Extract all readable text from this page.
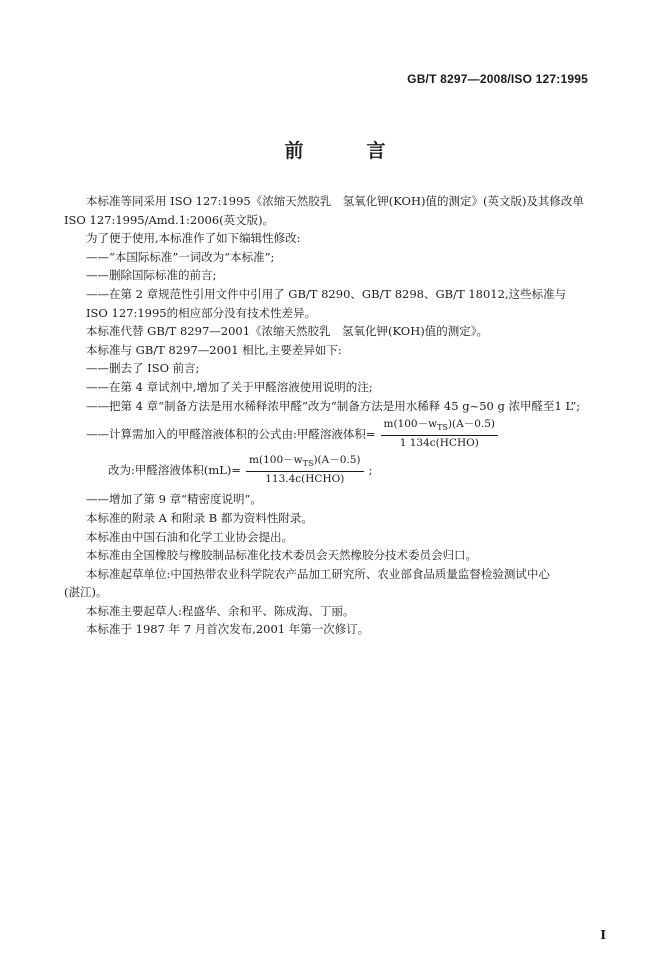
GB/T 8297—2008/ISO 127:1995
前　言

本标准等同采用 ISO 127:1995《浓缩天然胶乳　氢氧化钾(KOH)值的测定》(英文版)及其修改单

ISO 127:1995/Amd.1:2006(英文版)。

为了便于使用,本标准作了如下编辑性修改:

——“本国际标准”一词改为“本标准”;

——删除国际标准的前言;

——在第 2 章规范性引用文件中引用了 GB/T 8290、GB/T 8298、GB/T 18012,这些标准与

ISO 127:1995的相应部分没有技术性差异。

本标准代替 GB/T 8297—2001《浓缩天然胶乳　氢氧化钾(KOH)值的测定》。

本标准与 GB/T 8297—2001 相比,主要差异如下:

——删去了 ISO 前言;

——在第 4 章试剂中,增加了关于甲醛溶液使用说明的注;

——把第 4 章“制备方法是用水稀释浓甲醛”改为“制备方法是用水稀释 45 g~50 g 浓甲醛至1 L”;

——计算需加入的甲醛溶液体积的公式由:甲醛溶液体积= $\frac{m(100-w_{TS})(A-0.5)}{\text{1 134c(HCHO)}}$
改为:甲醛溶液体积$(mL)= \frac{m(100-w_{TS})(A-0.5)}{\text{113.4c(HCHO)}}$ ;

——增加了第 9 章“精密度说明”。

本标准的附录 A 和附录 B 都为资料性附录。

本标准由中国石油和化学工业协会提出。

本标准由全国橡胶与橡胶制品标准化技术委员会天然橡胶分技术委员会归口。

本标准起草单位:中国热带农业科学院农产品加工研究所、农业部食品质量监督检验测试中心

(湛江)。

本标准主要起草人:程盛华、余和平、陈成海、丁丽。

本标准于 1987 年 7 月首次发布,2001 年第一次修订。

I
